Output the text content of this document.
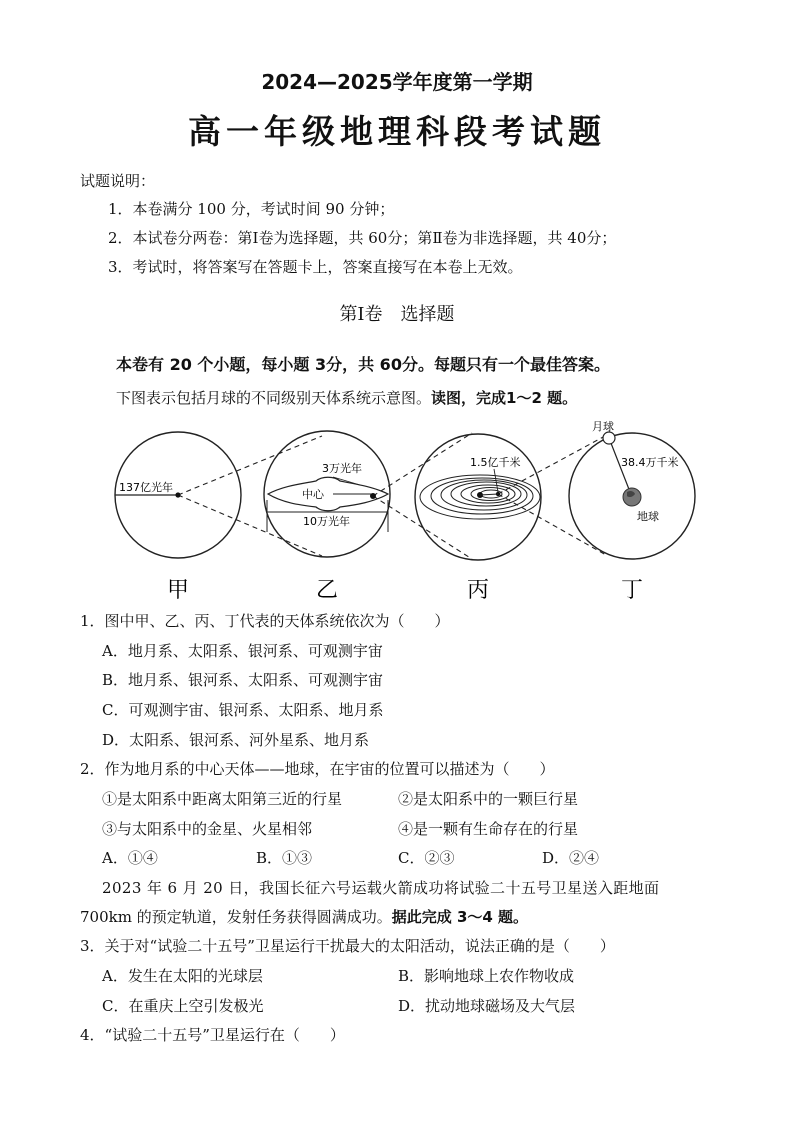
2024—2025学年度第一学期
高一年级地理科段考试题
试题说明：
1．本卷满分 100 分，考试时间 90 分钟；
2．本试卷分两卷：第Ⅰ卷为选择题，共 60分；第Ⅱ卷为非选择题，共 40分；
3．考试时，将答案写在答题卡上，答案直接写在本卷上无效。
第Ⅰ卷　选择题
本卷有 20 个小题，每小题 3分，共 60分。每题只有一个最佳答案。
下图表示包括月球的不同级别天体系统示意图。读图，完成1～2 题。
137亿光年
3万光年
中心
10万光年
1.5亿千米
月球
38.4万千米
地球
甲	乙	丙	丁
1．图中甲、乙、丙、丁代表的天体系统依次为（　　）
A．地月系、太阳系、银河系、可观测宇宙
B．地月系、银河系、太阳系、可观测宇宙
C．可观测宇宙、银河系、太阳系、地月系
D．太阳系、银河系、河外星系、地月系
2．作为地月系的中心天体——地球，在宇宙的位置可以描述为（　　）
①是太阳系中距离太阳第三近的行星	②是太阳系中的一颗巨行星
③与太阳系中的金星、火星相邻	④是一颗有生命存在的行星
A．①④	B．①③	C．②③	D．②④
2023 年 6 月 20 日，我国长征六号运载火箭成功将试验二十五号卫星送入距地面
700km 的预定轨道，发射任务获得圆满成功。据此完成 3～4 题。
3．关于对“试验二十五号”卫星运行干扰最大的太阳活动，说法正确的是（　　）
A．发生在太阳的光球层	B．影响地球上农作物收成
C．在重庆上空引发极光	D．扰动地球磁场及大气层
4．“试验二十五号”卫星运行在（　　）
